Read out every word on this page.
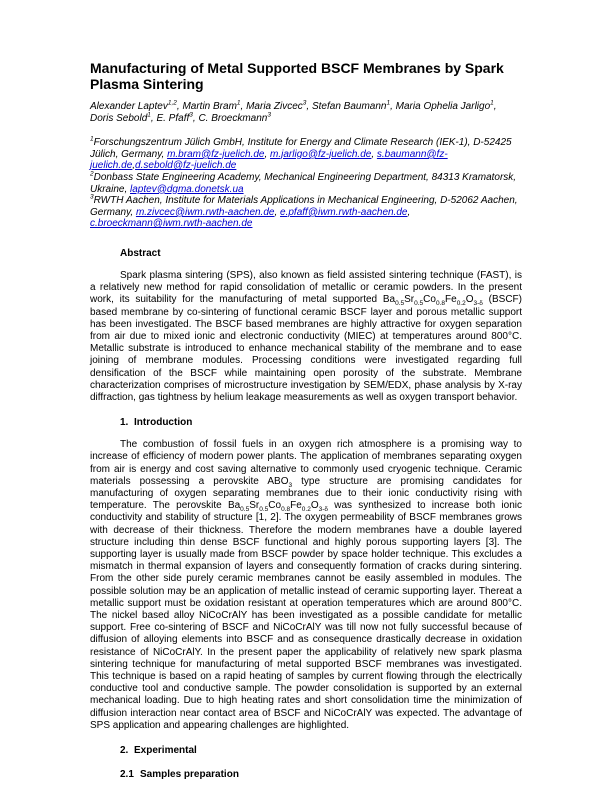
Manufacturing of Metal Supported BSCF Membranes by Spark Plasma Sintering
Alexander Laptev$^{1,2}$, Martin Bram$^1$, Maria Zivcec$^3$, Stefan Baumann$^1$, Maria Ophelia Jarligo$^1$, Doris Sebold$^1$, E. Pfaff$^3$, C. Broeckmann$^3$

$^1$Forschungszentrum Jülich GmbH, Institute for Energy and Climate Research (IEK-1), D-52425 Jülich, Germany, m.bram@fz-juelich.de, m.jarligo@fz-juelich.de, s.baumann@fz-juelich.de,d.sebold@fz-juelich.de

$^2$Donbass State Engineering Academy, Mechanical Engineering Department, 84313 Kramatorsk, Ukraine, laptev@dgma.donetsk.ua

$^3$RWTH Aachen, Institute for Materials Applications in Mechanical Engineering, D-52062 Aachen, Germany, m.zivcec@iwm.rwth-aachen.de, e.pfaff@iwm.rwth-aachen.de, c.broeckmann@iwm.rwth-aachen.de

Abstract

Spark plasma sintering (SPS), also known as field assisted sintering technique (FAST), is a relatively new method for rapid consolidation of metallic or ceramic powders. In the present work, its suitability for the manufacturing of metal supported $Ba_{0.5}Sr_{0.5}Co_{0.8}Fe_{0.2}O_{3-\delta}$ (BSCF) based membrane by co-sintering of functional ceramic BSCF layer and porous metallic support has been investigated. The BSCF based membranes are highly attractive for oxygen separation from air due to mixed ionic and electronic conductivity (MIEC) at temperatures around 800°C. Metallic substrate is introduced to enhance mechanical stability of the membrane and to ease joining of membrane modules. Processing conditions were investigated regarding full densification of the BSCF while maintaining open porosity of the substrate. Membrane characterization comprises of microstructure investigation by SEM/EDX, phase analysis by X-ray diffraction, gas tightness by helium leakage measurements as well as oxygen transport behavior.

1. Introduction

The combustion of fossil fuels in an oxygen rich atmosphere is a promising way to increase of efficiency of modern power plants. The application of membranes separating oxygen from air is energy and cost saving alternative to commonly used cryogenic technique. Ceramic materials possessing a perovskite $ABO_3$ type structure are promising candidates for manufacturing of oxygen separating membranes due to their ionic conductivity rising with temperature. The perovskite $Ba_{0.5}Sr_{0.5}Co_{0.8}Fe_{0.2}O_{3-\delta}$ was synthesized to increase both ionic conductivity and stability of structure [1, 2]. The oxygen permeability of BSCF membranes grows with decrease of their thickness. Therefore the modern membranes have a double layered structure including thin dense BSCF functional and highly porous supporting layers [3]. The supporting layer is usually made from BSCF powder by space holder technique. This excludes a mismatch in thermal expansion of layers and consequently formation of cracks during sintering. From the other side purely ceramic membranes cannot be easily assembled in modules. The possible solution may be an application of metallic instead of ceramic supporting layer. Thereat a metallic support must be oxidation resistant at operation temperatures which are around 800°C. The nickel based alloy NiCoCrAlY has been investigated as a possible candidate for metallic support. Free co-sintering of BSCF and NiCoCrAlY was till now not fully successful because of diffusion of alloying elements into BSCF and as consequence drastically decrease in oxidation resistance of NiCoCrAlY. In the present paper the applicability of relatively new spark plasma sintering technique for manufacturing of metal supported BSCF membranes was investigated. This technique is based on a rapid heating of samples by current flowing through the electrically conductive tool and conductive sample. The powder consolidation is supported by an external mechanical loading. Due to high heating rates and short consolidation time the minimization of diffusion interaction near contact area of BSCF and NiCoCrAlY was expected. The advantage of SPS application and appearing challenges are highlighted.

2. Experimental
2.1 Samples preparation
